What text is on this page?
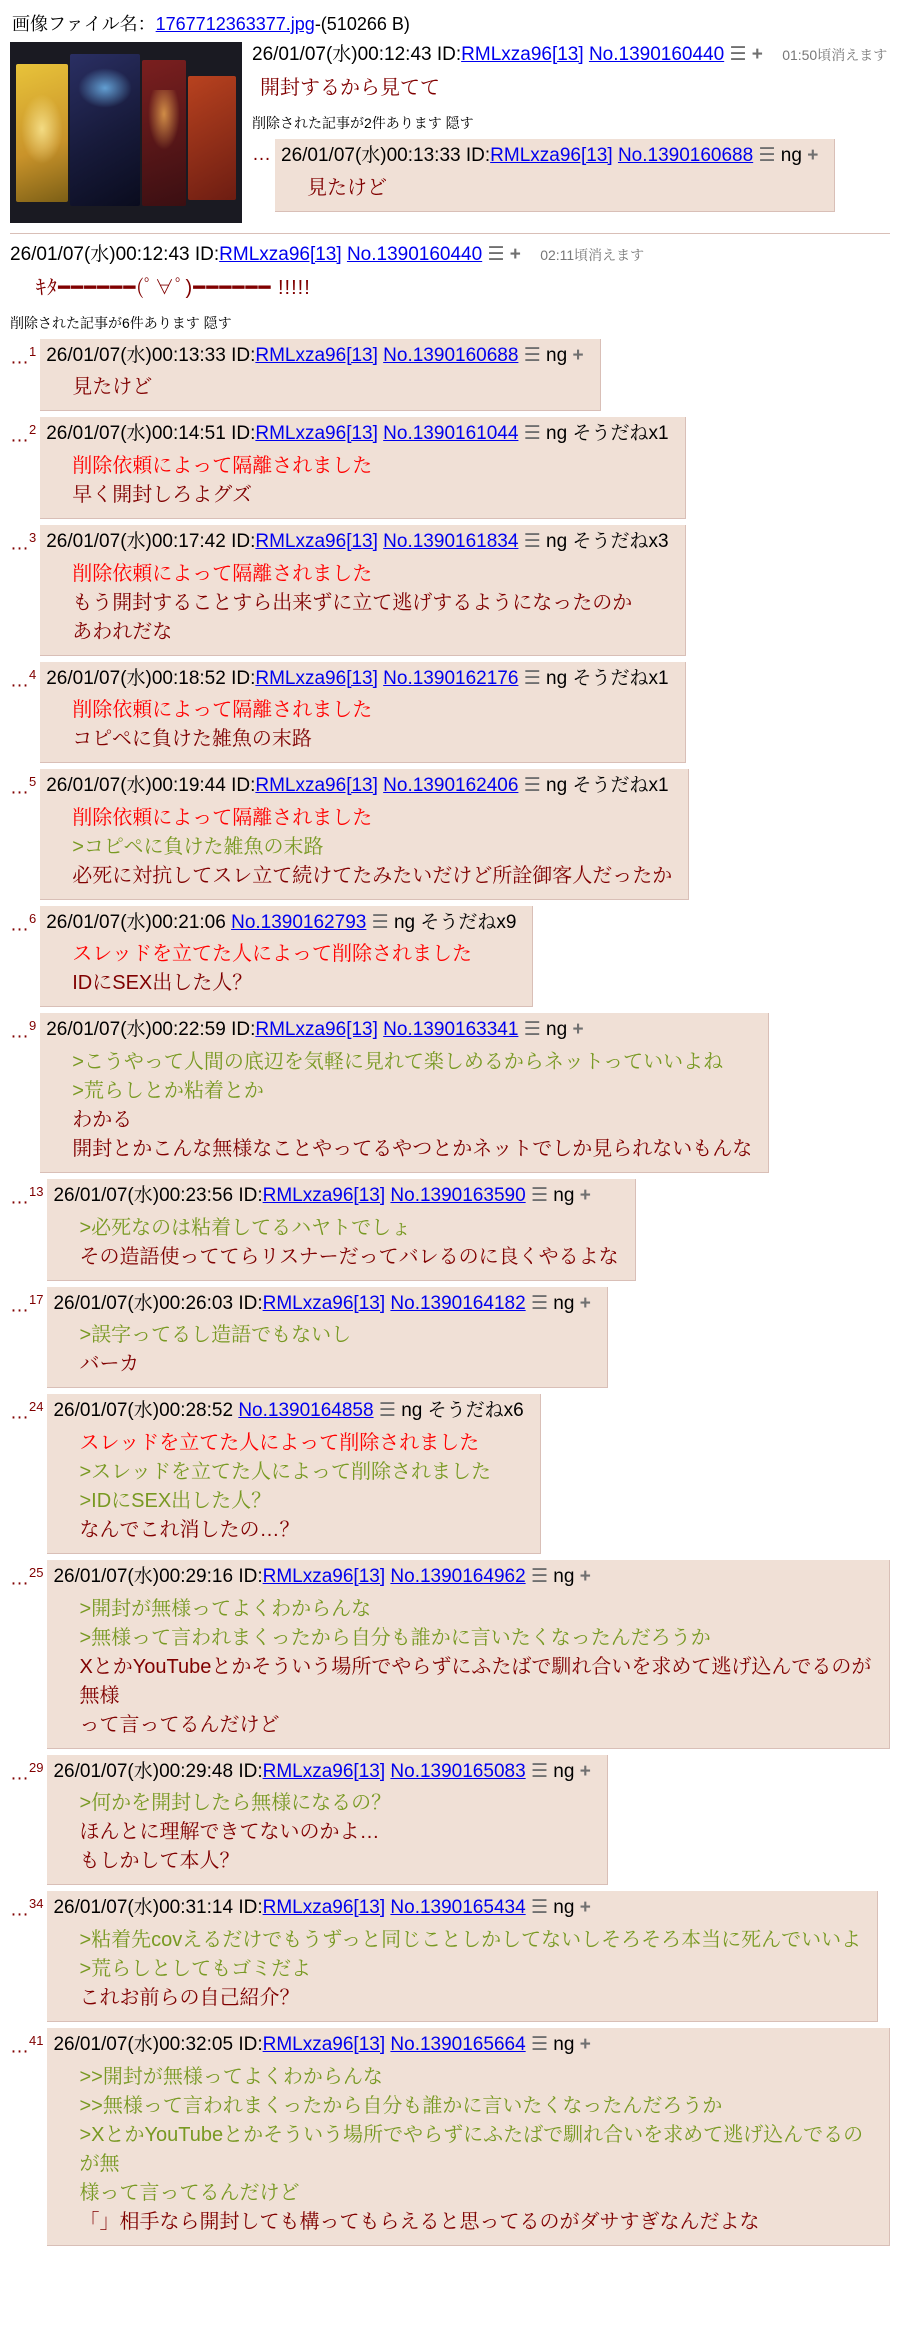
画像ファイル名：1767712363377.jpg-(510266 B)
26/01/07(水)00:12:43 ID:RMLxza96[13] No.1390160440 ☰ + 01:50頃消えます
開封するから見てて
削除された記事が2件あります 隠す
… 26/01/07(水)00:13:33 ID:RMLxza96[13] No.1390160688 ☰ ng +
見たけど
26/01/07(水)00:12:43 ID:RMLxza96[13] No.1390160440 ☰ + 02:11頃消えます
ｷﾀ━━━━━━(ﾟ∀ﾟ)━━━━━━ !!!!!
削除された記事が6件あります 隠す
…$^1$ 26/01/07(水)00:13:33 ID:RMLxza96[13] No.1390160688 ☰ ng +
見たけど
…$^2$ 26/01/07(水)00:14:51 ID:RMLxza96[13] No.1390161044 ☰ ng そうだねx1
削除依頼によって隔離されました
早く開封しろよグズ
…$^3$ 26/01/07(水)00:17:42 ID:RMLxza96[13] No.1390161834 ☰ ng そうだねx3
削除依頼によって隔離されました
もう開封することすら出来ずに立て逃げするようになったのか
あわれだな
…$^4$ 26/01/07(水)00:18:52 ID:RMLxza96[13] No.1390162176 ☰ ng そうだねx1
削除依頼によって隔離されました
コピペに負けた雑魚の末路
…$^5$ 26/01/07(水)00:19:44 ID:RMLxza96[13] No.1390162406 ☰ ng そうだねx1
削除依頼によって隔離されました
>コピペに負けた雑魚の末路
必死に対抗してスレ立て続けてたみたいだけど所詮御客人だったか
…$^6$ 26/01/07(水)00:21:06 No.1390162793 ☰ ng そうだねx9
スレッドを立てた人によって削除されました
IDにSEX出した人？
…$^9$ 26/01/07(水)00:22:59 ID:RMLxza96[13] No.1390163341 ☰ ng +
>こうやって人間の底辺を気軽に見れて楽しめるからネットっていいよね
>荒らしとか粘着とか
わかる
開封とかこんな無様なことやってるやつとかネットでしか見られないもんな
…$^{13}$ 26/01/07(水)00:23:56 ID:RMLxza96[13] No.1390163590 ☰ ng +
>必死なのは粘着してるハヤトでしょ
その造語使っててらリスナーだってバレるのに良くやるよな
…$^{17}$ 26/01/07(水)00:26:03 ID:RMLxza96[13] No.1390164182 ☰ ng +
>誤字ってるし造語でもないし
バーカ
…$^{24}$ 26/01/07(水)00:28:52 No.1390164858 ☰ ng そうだねx6
スレッドを立てた人によって削除されました
>スレッドを立てた人によって削除されました
>IDにSEX出した人？
なんでこれ消したの…？
…$^{25}$ 26/01/07(水)00:29:16 ID:RMLxza96[13] No.1390164962 ☰ ng +
>開封が無様ってよくわからんな
>無様って言われまくったから自分も誰かに言いたくなったんだろうか
XとかYouTubeとかそういう場所でやらずにふたばで馴れ合いを求めて逃げ込んでるのが無様
って言ってるんだけど
…$^{29}$ 26/01/07(水)00:29:48 ID:RMLxza96[13] No.1390165083 ☰ ng +
>何かを開封したら無様になるの？
ほんとに理解できてないのかよ…
もしかして本人？
…$^{34}$ 26/01/07(水)00:31:14 ID:RMLxza96[13] No.1390165434 ☰ ng +
>粘着先covえるだけでもうずっと同じことしかしてないしそろそろ本当に死んでいいよ
>荒らしとしてもゴミだよ
これお前らの自己紹介？
…$^{41}$ 26/01/07(水)00:32:05 ID:RMLxza96[13] No.1390165664 ☰ ng +
>>開封が無様ってよくわからんな
>>無様って言われまくったから自分も誰かに言いたくなったんだろうか
>XとかYouTubeとかそういう場所でやらずにふたばで馴れ合いを求めて逃げ込んでるのが無
様って言ってるんだけど
「」相手なら開封しても構ってもらえると思ってるのがダサすぎなんだよな
